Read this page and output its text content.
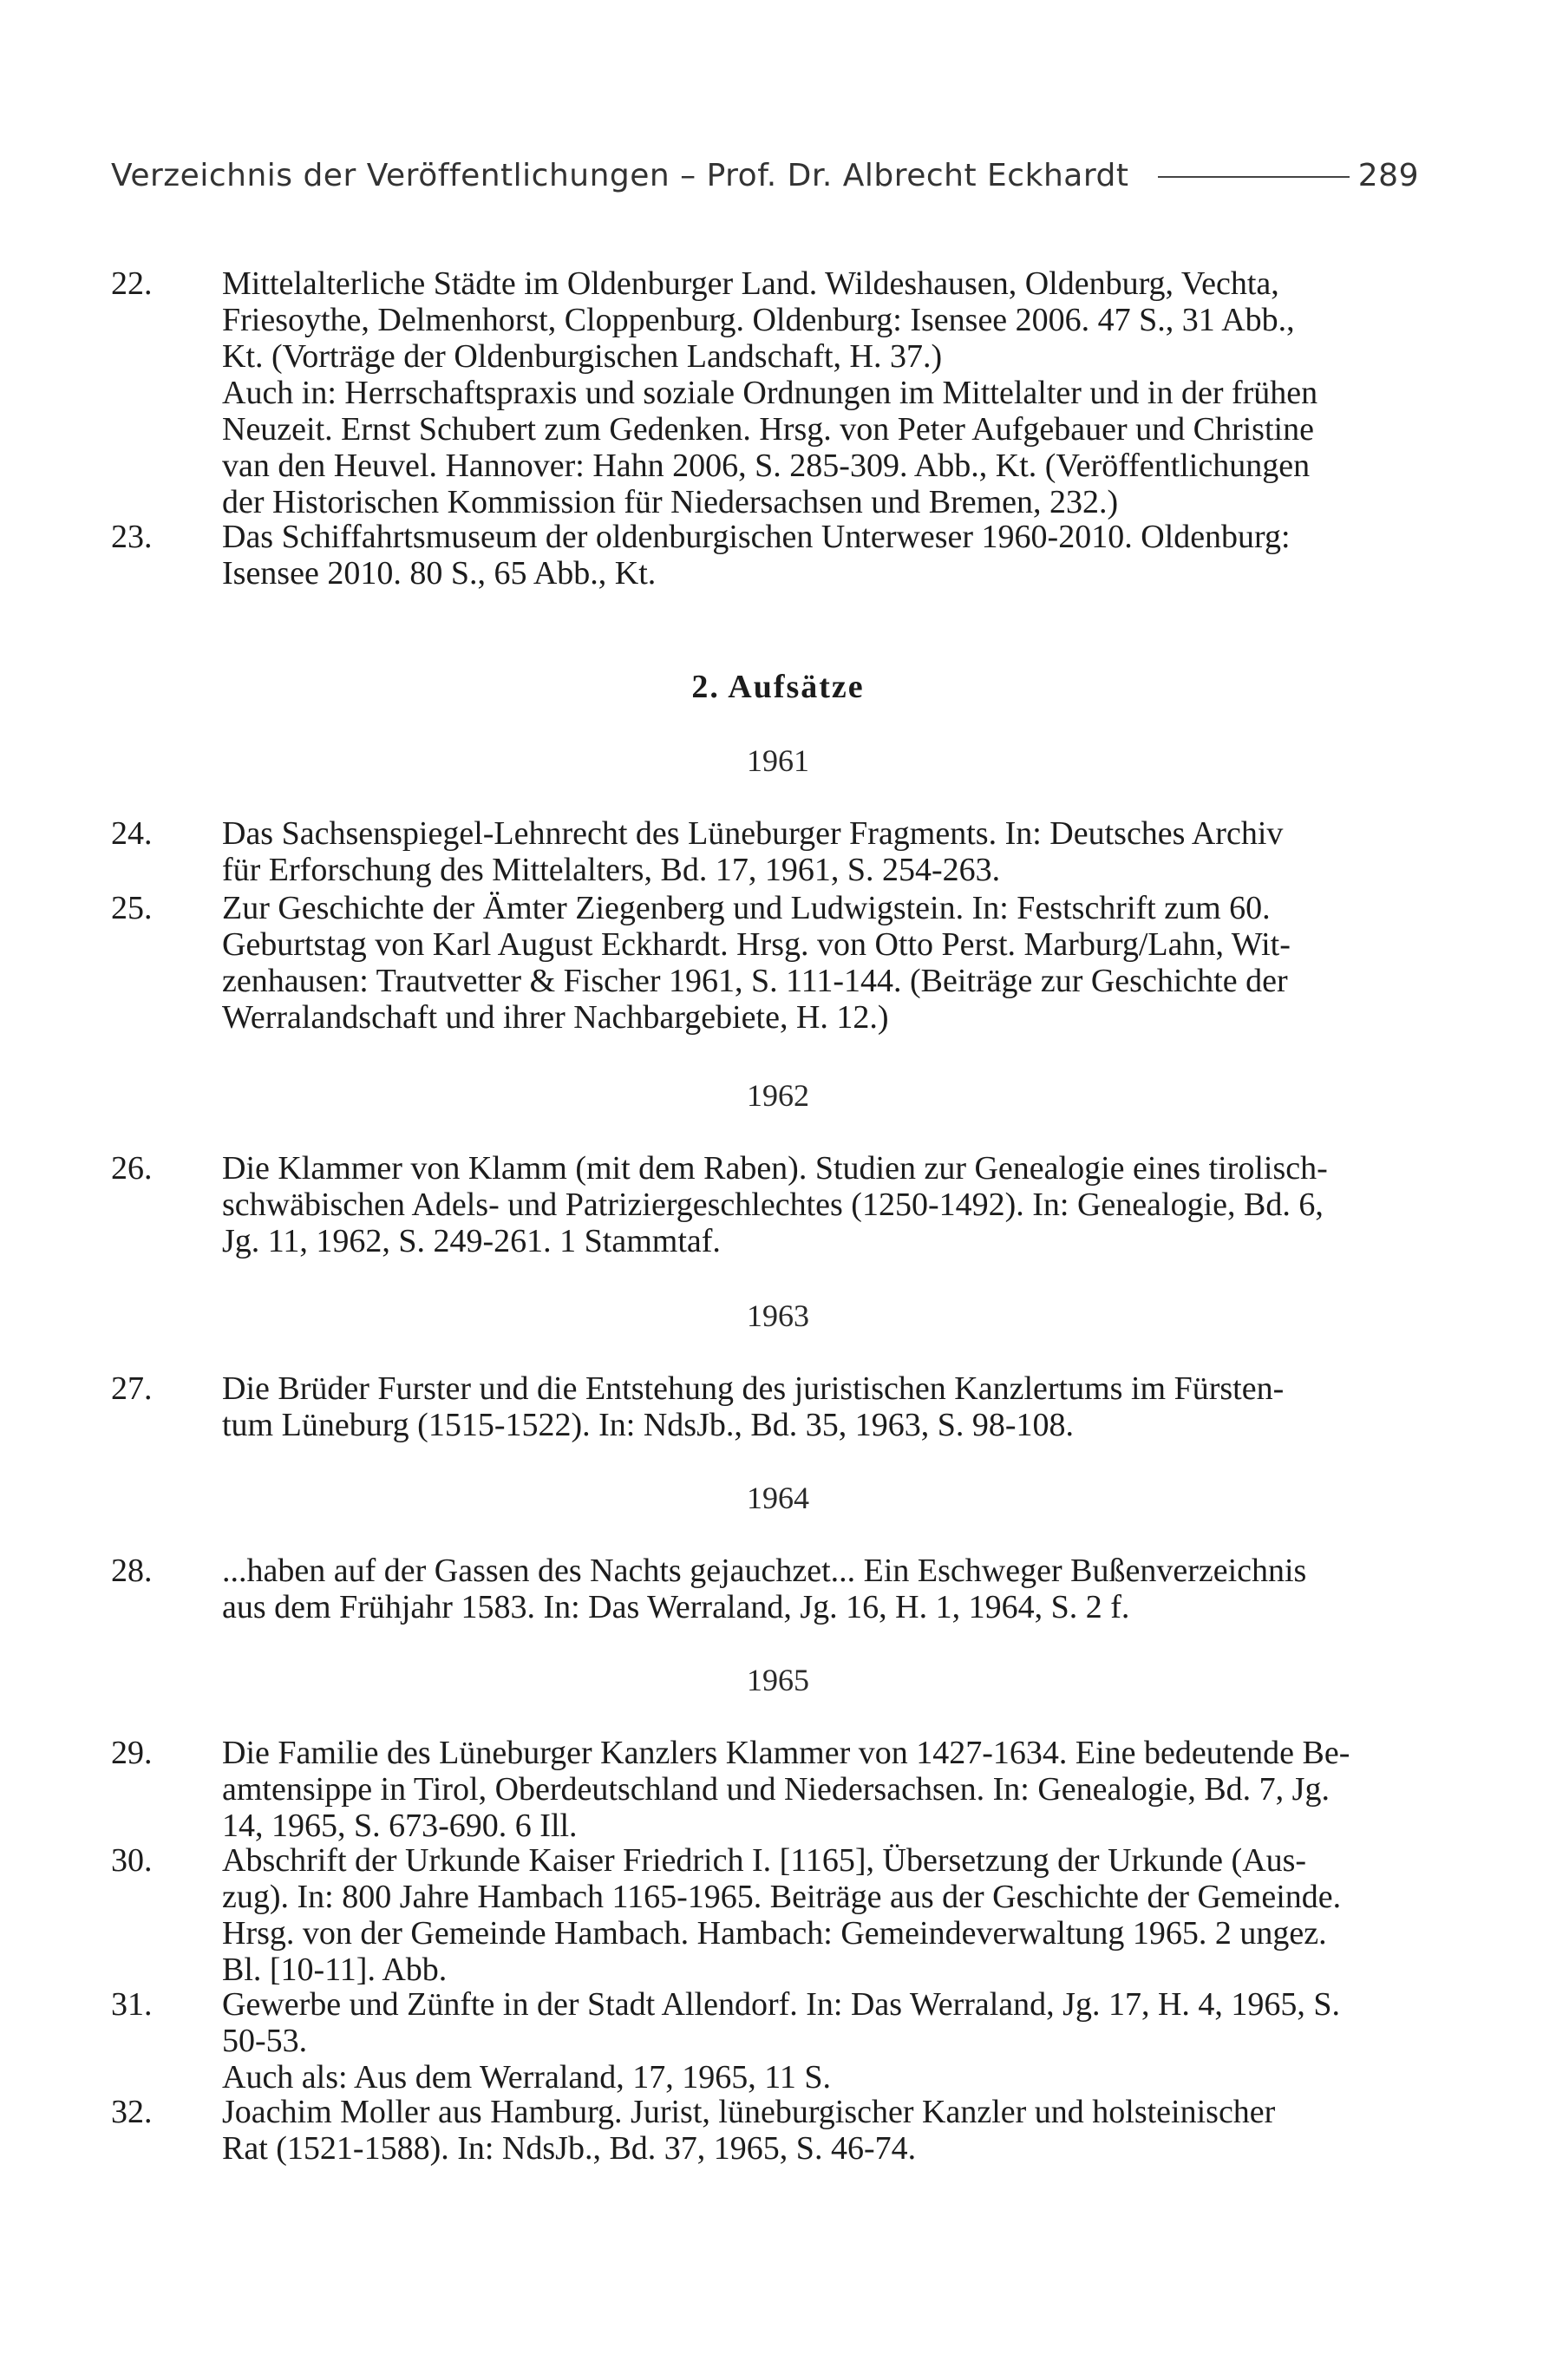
Verzeichnis der Veröffentlichungen – Prof. Dr. Albrecht Eckhardt	289
22.	Mittelalterliche Städte im Oldenburger Land. Wildeshausen, Oldenburg, Vechta,
Friesoythe, Delmenhorst, Cloppenburg. Oldenburg: Isensee 2006. 47 S., 31 Abb.,
Kt. (Vorträge der Oldenburgischen Landschaft, H. 37.)
Auch in: Herrschaftspraxis und soziale Ordnungen im Mittelalter und in der frühen
Neuzeit. Ernst Schubert zum Gedenken. Hrsg. von Peter Aufgebauer und Christine
van den Heuvel. Hannover: Hahn 2006, S. 285-309. Abb., Kt. (Veröffentlichungen
der Historischen Kommission für Niedersachsen und Bremen, 232.)
23.	Das Schiffahrtsmuseum der oldenburgischen Unterweser 1960-2010. Oldenburg:
Isensee 2010. 80 S., 65 Abb., Kt.
2. Aufsätze
1961
24.	Das Sachsenspiegel-Lehnrecht des Lüneburger Fragments. In: Deutsches Archiv
für Erforschung des Mittelalters, Bd. 17, 1961, S. 254-263.
25.	Zur Geschichte der Ämter Ziegenberg und Ludwigstein. In: Festschrift zum 60.
Geburtstag von Karl August Eckhardt. Hrsg. von Otto Perst. Marburg/Lahn, Wit-
zenhausen: Trautvetter & Fischer 1961, S. 111-144. (Beiträge zur Geschichte der
Werralandschaft und ihrer Nachbargebiete, H. 12.)
1962
26.	Die Klammer von Klamm (mit dem Raben). Studien zur Genealogie eines tirolisch-
schwäbischen Adels- und Patriziergeschlechtes (1250-1492). In: Genealogie, Bd. 6,
Jg. 11, 1962, S. 249-261. 1 Stammtaf.
1963
27.	Die Brüder Furster und die Entstehung des juristischen Kanzlertums im Fürsten-
tum Lüneburg (1515-1522). In: NdsJb., Bd. 35, 1963, S. 98-108.
1964
28.	...haben auf der Gassen des Nachts gejauchzet... Ein Eschweger Bußenverzeichnis
aus dem Frühjahr 1583. In: Das Werraland, Jg. 16, H. 1, 1964, S. 2 f.
1965
29.	Die Familie des Lüneburger Kanzlers Klammer von 1427-1634. Eine bedeutende Be-
amtensippe in Tirol, Oberdeutschland und Niedersachsen. In: Genealogie, Bd. 7, Jg.
14, 1965, S. 673-690. 6 Ill.
30.	Abschrift der Urkunde Kaiser Friedrich I. [1165], Übersetzung der Urkunde (Aus-
zug). In: 800 Jahre Hambach 1165-1965. Beiträge aus der Geschichte der Gemeinde.
Hrsg. von der Gemeinde Hambach. Hambach: Gemeindeverwaltung 1965. 2 ungez.
Bl. [10-11]. Abb.
31.	Gewerbe und Zünfte in der Stadt Allendorf. In: Das Werraland, Jg. 17, H. 4, 1965, S.
50-53.
Auch als: Aus dem Werraland, 17, 1965, 11 S.
32.	Joachim Moller aus Hamburg. Jurist, lüneburgischer Kanzler und holsteinischer
Rat (1521-1588). In: NdsJb., Bd. 37, 1965, S. 46-74.
